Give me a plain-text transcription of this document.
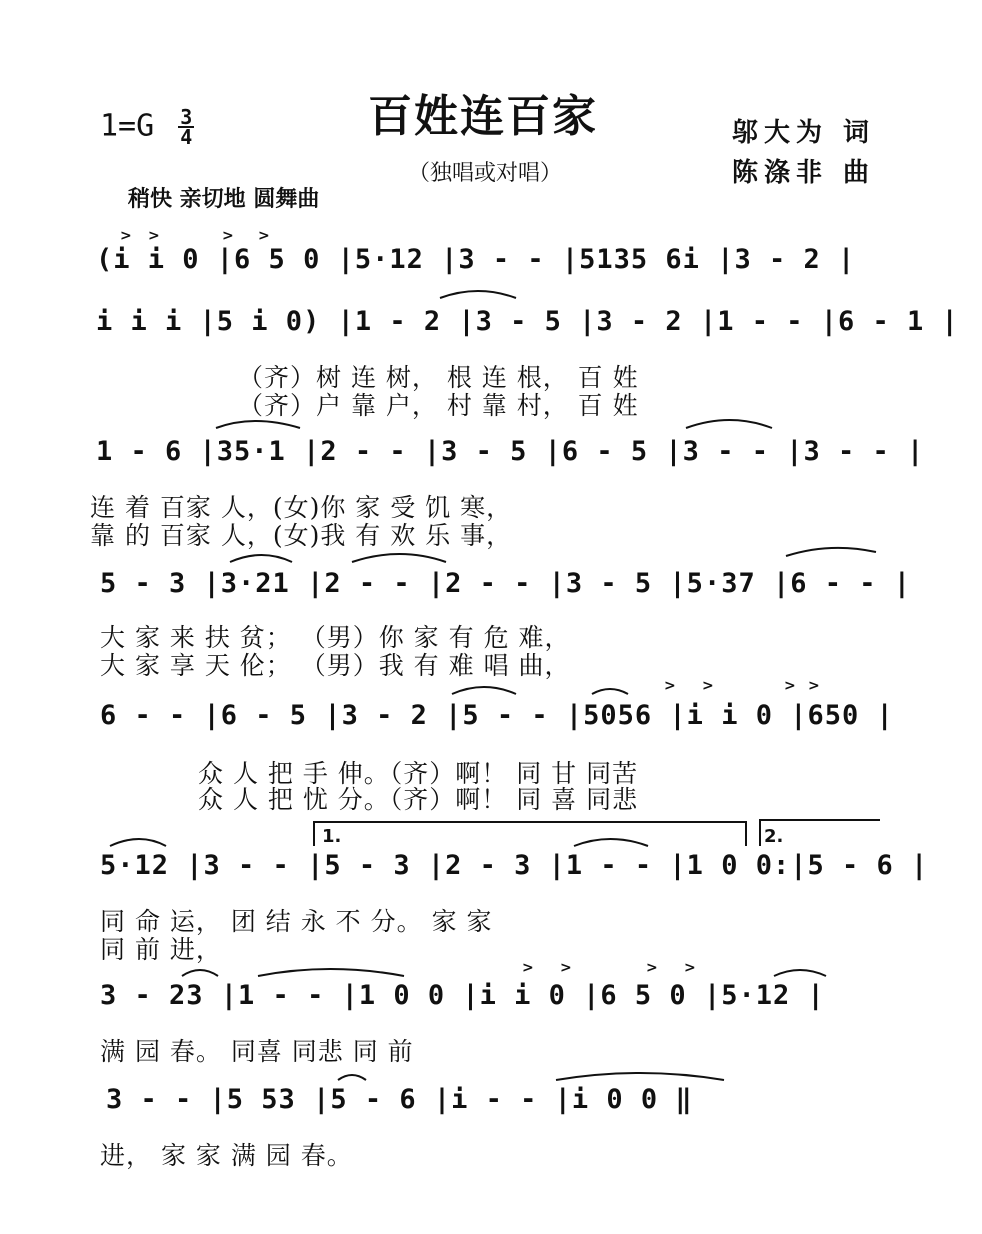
$1=G \frac{3}{4}$	百姓连百家
（独唱或对唱）
邬大为 词
陈涤非 曲
稍快 亲切地 圆舞曲
(i i 0 |6 5 0 |5·12 |3 - - |5135 6i |3 - 2 |
i i i |5 i 0) |1 - 2 |3 - 5 |3 - 2 |1 - - |6 - 1 |
（齐）树 连 树， 根 连 根， 百 姓
（齐）户 靠 户， 村 靠 村， 百 姓
1 - 6 |35·1 |2 - - |3 - 5 |6 - 5 |3 - - |3 - - |
连 着 百家 人，(女)你 家 受 饥 寒，
靠 的 百家 人，(女)我 有 欢 乐 事，
5 - 3 |3·21 |2 - - |2 - - |3 - 5 |5·37 |6 - - |
大 家 来 扶 贫； （男）你 家 有 危 难，
大 家 享 天 伦； （男）我 有 难 唱 曲，
6 - - |6 - 5 |3 - 2 |5 - - |5056 |i i 0 |650 |
众 人 把 手 伸。（齐）啊！ 同 甘 同苦
众 人 把 忧 分。（齐）啊！ 同 喜 同悲
1.	2.
5·12 |3 - - |5 - 3 |2 - 3 |1 - - |1 0 0:|5 - 6 |
同 命 运， 团 结 永 不 分。 家 家
同 前 进，
3 - 23 |1 - - |1 0 0 |i i 0 |6 5 0 |5·12 |
满 园 春。 同喜 同悲 同 前
3 - - |5 53 |5 - 6 |i - - |i 0 0 ‖
进， 家 家 满 园 春。
> >	> >
> >	> >
> >	> >
